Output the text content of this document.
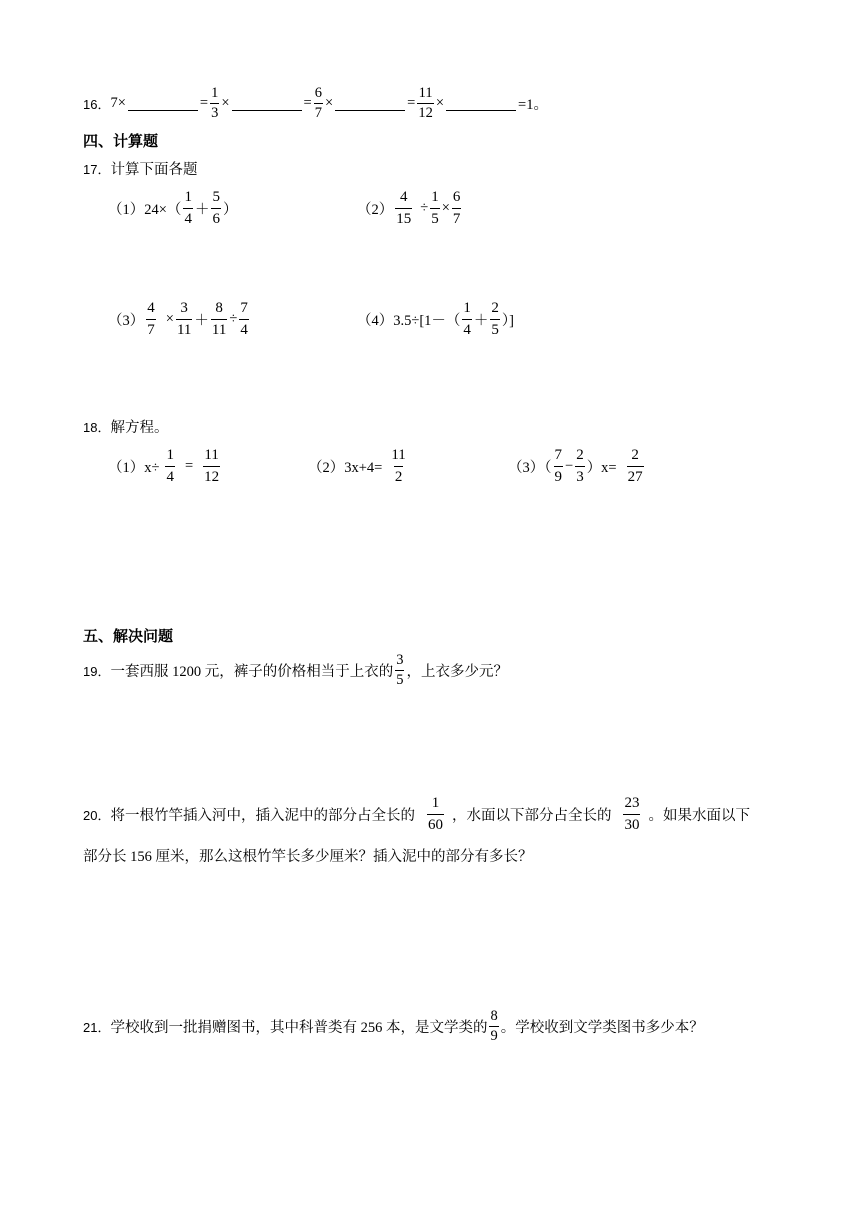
16． 7×	= $\frac{1}{3}$ ×	= $\frac{6}{7}$ ×	= $\frac{11}{12}$ ×	=1。
四、计算题
17． 计算下面各题
$(1)24\times( \frac{1}{4} + \frac{5}{6}$ ）	$(2) \frac{4}{15} \div \frac{1}{5} \times \frac{6}{7}$
$(3) \frac{4}{7} \times \frac{3}{11} + \frac{8}{11} \div \frac{7}{4}$	$(4)3.5\div[1-( \frac{1}{4} + \frac{2}{5}$ ）]
18． 解方程。
$(1)x\div \frac{1}{4} = \frac{11}{12}$	$(2)3x+4= \frac{11}{2}$	$(3)( \frac{7}{9} - \frac{2}{3} )x= \frac{2}{27}$
五、解决问题
19． 一套西服 1200 元，裤子的价格相当于上衣的 $\frac{3}{5}$ ，上衣多少元？
20． 将一根竹竿插入河中，插入泥中的部分占全长的 $\frac{1}{60}$ ，水面以下部分占全长的 $\frac{23}{30}$ 。如果水面以下
部分长 156 厘米，那么这根竹竿长多少厘米？插入泥中的部分有多长？
21． 学校收到一批捐赠图书，其中科普类有 256 本，是文学类的 $\frac{8}{9}$ 。学校收到文学类图书多少本？
